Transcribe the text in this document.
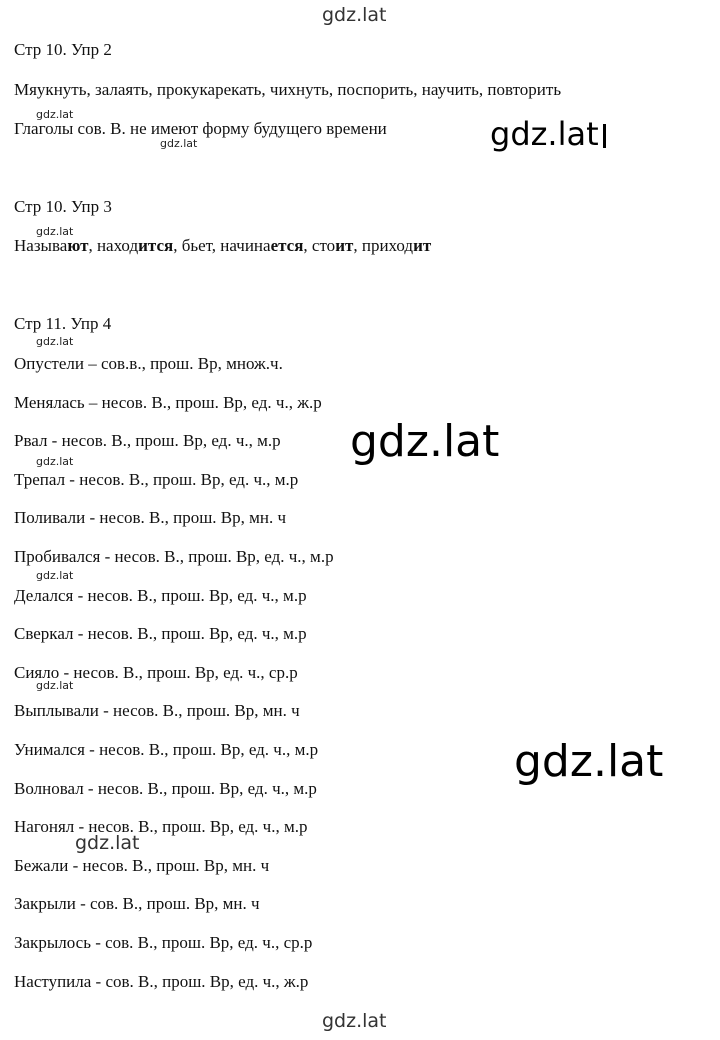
gdz.lat
gdz.lat
gdz.lat	gdz.lat
gdz.lat
gdz.lat
gdz.lat
gdz.lat
gdz.lat
gdz.lat
gdz.lat
gdz.lat
gdz.lat

Стр 10. Упр 2

Мяукнуть, залаять, прокукарекать, чихнуть, поспорить, научить, повторить

Глаголы сов. В. не имеют форму будущего времени

Стр 10. Упр 3

Называют, находится, бьет, начинается, стоит, приходит

Стр 11. Упр 4

Опустели – сов.в., прош. Вр, множ.ч.

Менялась – несов. В., прош. Вр, ед. ч., ж.р

Рвал - несов. В., прош. Вр, ед. ч., м.р

Трепал - несов. В., прош. Вр, ед. ч., м.р

Поливали - несов. В., прош. Вр, мн. ч

Пробивался - несов. В., прош. Вр, ед. ч., м.р

Делался - несов. В., прош. Вр, ед. ч., м.р

Сверкал - несов. В., прош. Вр, ед. ч., м.р

Сияло - несов. В., прош. Вр, ед. ч., ср.р

Выплывали - несов. В., прош. Вр, мн. ч

Унимался - несов. В., прош. Вр, ед. ч., м.р

Волновал - несов. В., прош. Вр, ед. ч., м.р

Нагонял - несов. В., прош. Вр, ед. ч., м.р

Бежали - несов. В., прош. Вр, мн. ч

Закрыли - сов. В., прош. Вр, мн. ч

Закрылось - сов. В., прош. Вр, ед. ч., ср.р

Наступила - сов. В., прош. Вр, ед. ч., ж.р
